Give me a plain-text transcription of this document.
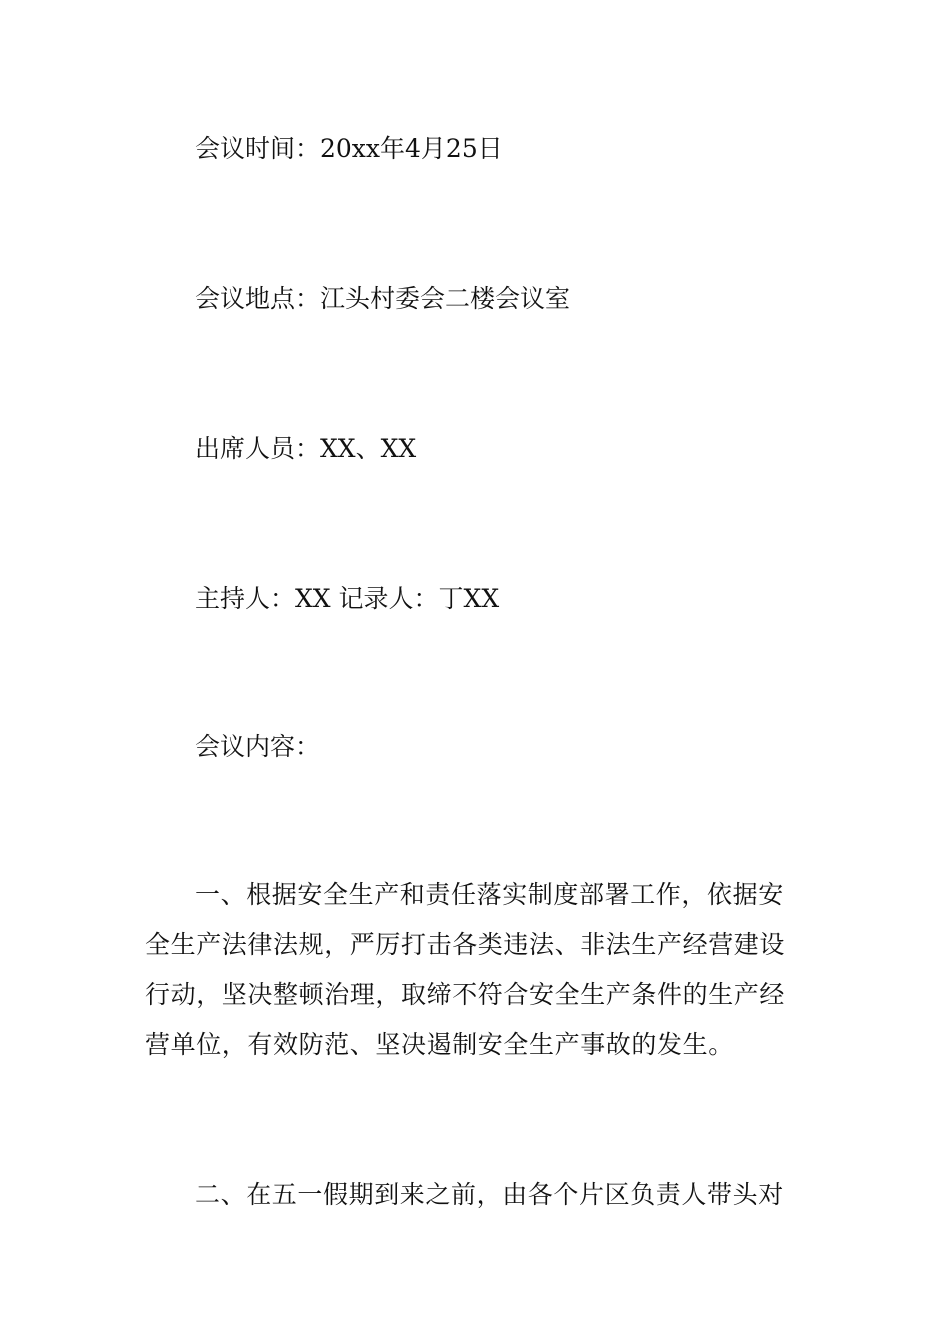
会议时间：20xx年4月25日
会议地点：江头村委会二楼会议室
出席人员：XX、XX
主持人：XX 记录人：丁XX
会议内容：
一、根据安全生产和责任落实制度部署工作，依据安
全生产法律法规，严厉打击各类违法、非法生产经营建设
行动，坚决整顿治理，取缔不符合安全生产条件的生产经
营单位，有效防范、坚决遏制安全生产事故的发生。
二、在五一假期到来之前，由各个片区负责人带头对
